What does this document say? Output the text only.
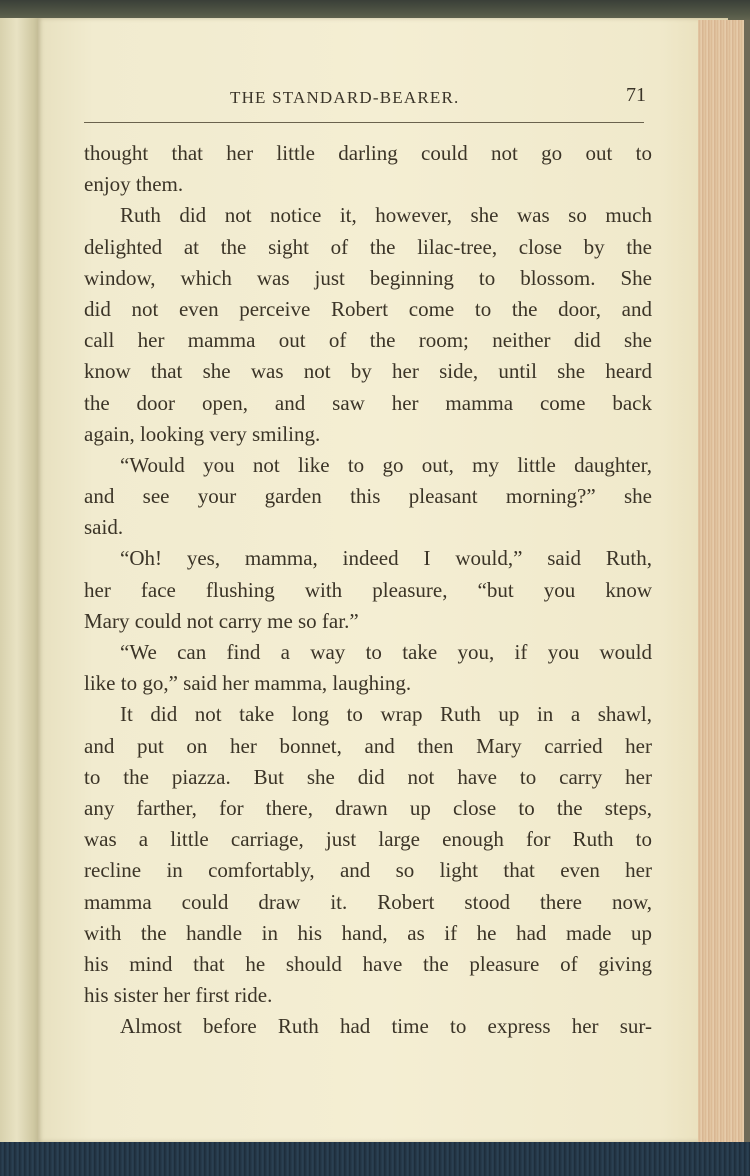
THE STANDARD-BEARER.	71
thought that her little darling could not go out to
enjoy them.
Ruth did not notice it, however, she was so much
delighted at the sight of the lilac-tree, close by the
window, which was just beginning to blossom. She
did not even perceive Robert come to the door, and
call her mamma out of the room; neither did she
know that she was not by her side, until she heard
the door open, and saw her mamma come back
again, looking very smiling.
“Would you not like to go out, my little daughter,
and see your garden this pleasant morning?” she
said.
“Oh! yes, mamma, indeed I would,” said Ruth,
her face flushing with pleasure, “but you know
Mary could not carry me so far.”
“We can find a way to take you, if you would
like to go,” said her mamma, laughing.
It did not take long to wrap Ruth up in a shawl,
and put on her bonnet, and then Mary carried her
to the piazza. But she did not have to carry her
any farther, for there, drawn up close to the steps,
was a little carriage, just large enough for Ruth to
recline in comfortably, and so light that even her
mamma could draw it. Robert stood there now,
with the handle in his hand, as if he had made up
his mind that he should have the pleasure of giving
his sister her first ride.
Almost before Ruth had time to express her sur-
